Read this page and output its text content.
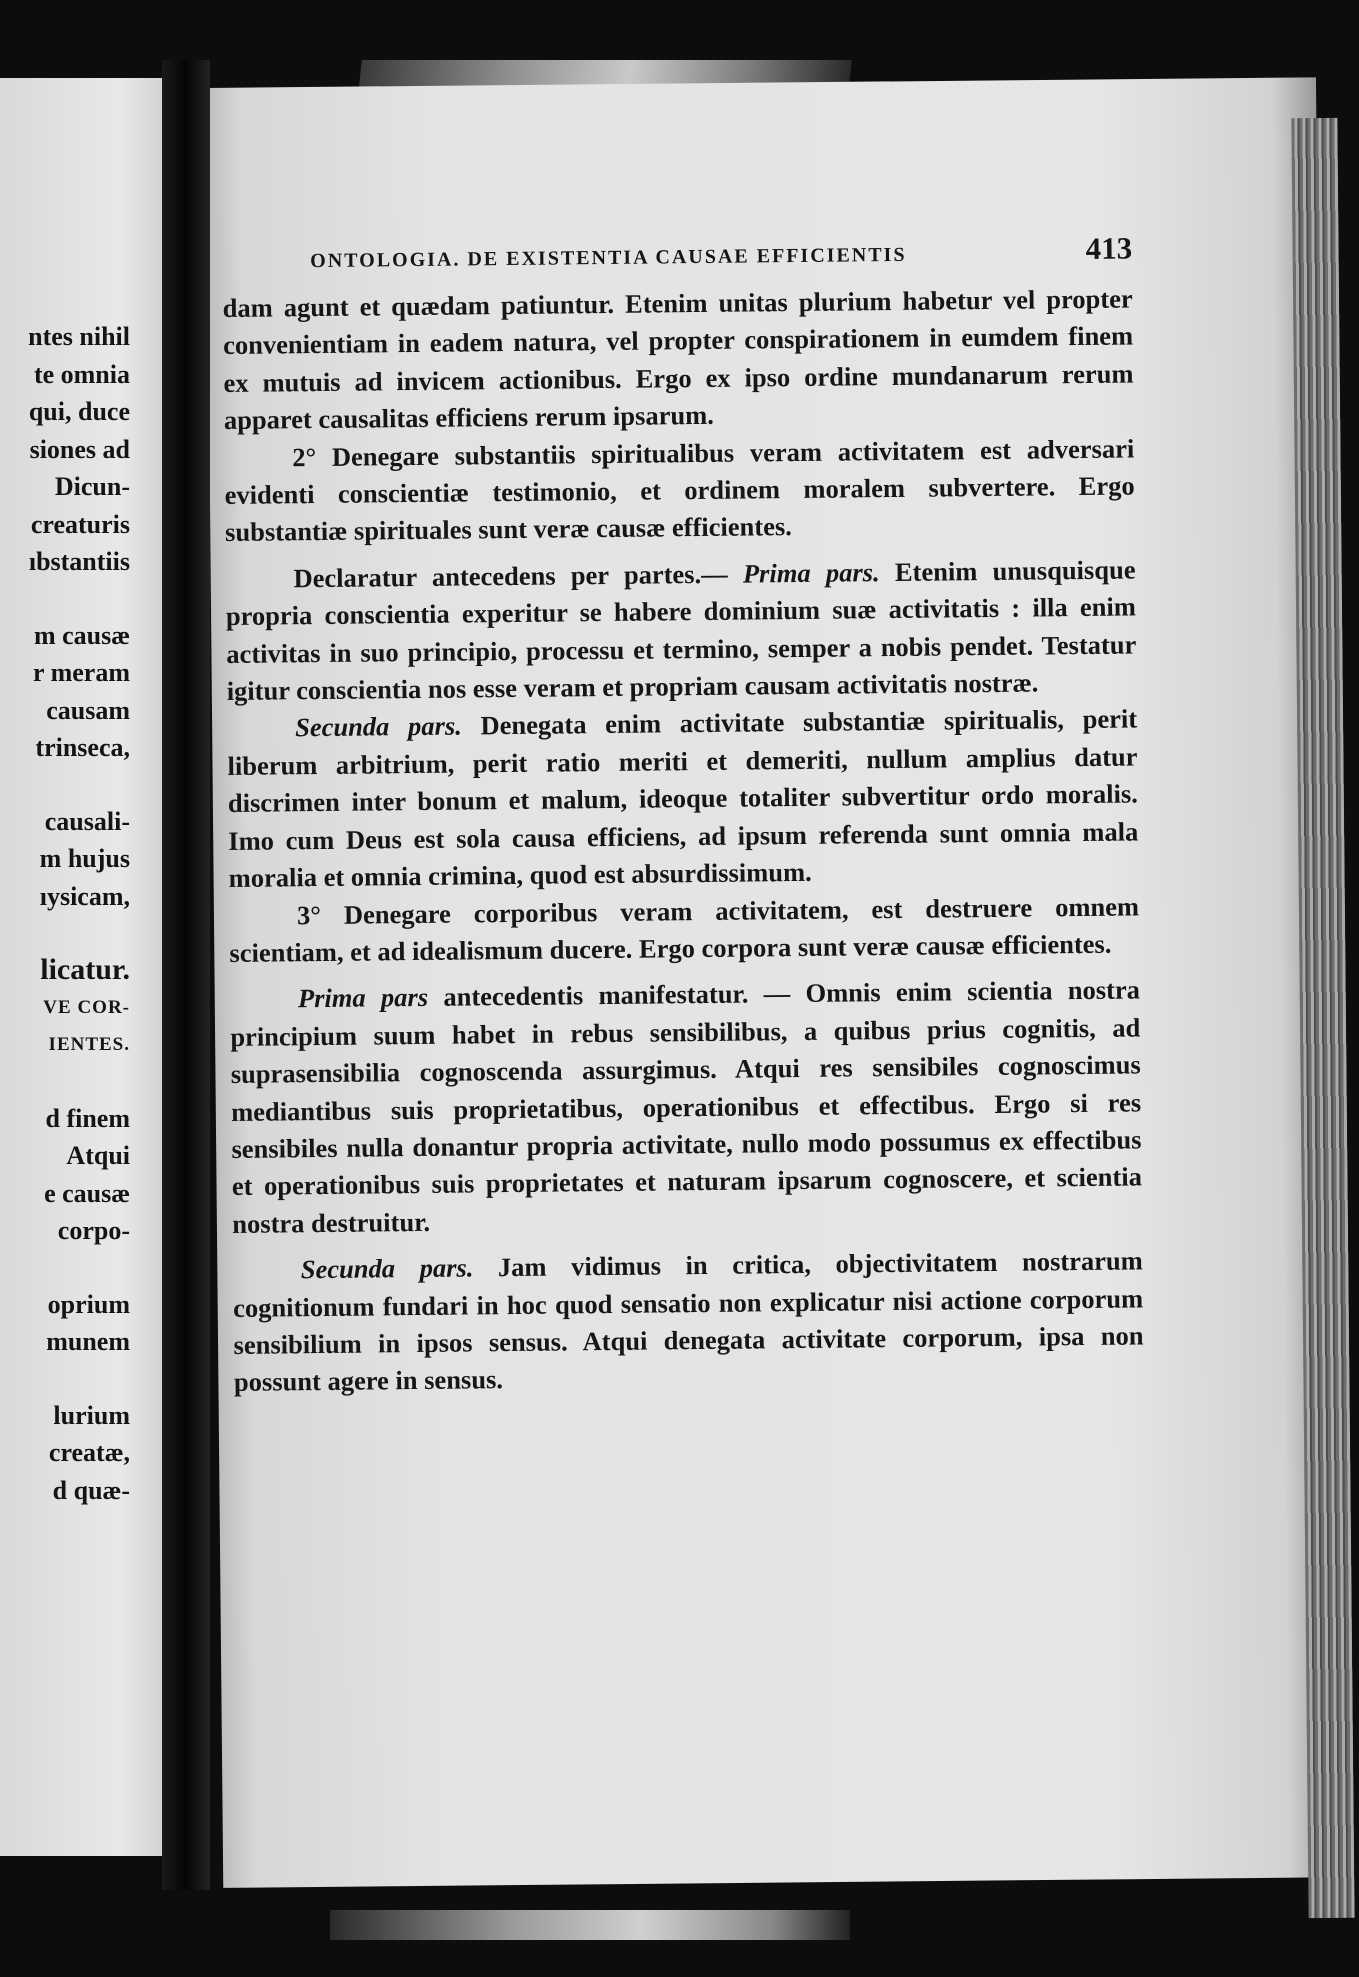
ntes nihil
te omnia
qui, duce
siones ad
Dicun-
creaturis
ıbstantiis
m causæ
r meram
causam
trinseca,
causali-
m hujus
ıysicam,
licatur.
VE COR-
IENTES.
d finem
Atqui
e causæ
corpo-
oprium
munem
lurium
creatæ,
d quæ-
ONTOLOGIA. DE EXISTENTIA CAUSAE EFFICIENTIS	413

dam agunt et quædam patiuntur. Etenim unitas plurium habetur vel propter convenientiam in eadem natura, vel propter conspirationem in eumdem finem ex mutuis ad invicem actionibus. Ergo ex ipso ordine mundanarum rerum apparet causalitas efficiens rerum ipsarum.

2° Denegare substantiis spiritualibus veram activitatem est adversari evidenti conscientiæ testimonio, et ordinem moralem subvertere. Ergo substantiæ spirituales sunt veræ causæ efficientes.

Declaratur antecedens per partes.— Prima pars. Etenim unusquisque propria conscientia experitur se habere dominium suæ activitatis : illa enim activitas in suo principio, processu et termino, semper a nobis pendet. Testatur igitur conscientia nos esse veram et propriam causam activitatis nostræ.

Secunda pars. Denegata enim activitate substantiæ spiritualis, perit liberum arbitrium, perit ratio meriti et demeriti, nullum amplius datur discrimen inter bonum et malum, ideoque totaliter subvertitur ordo moralis. Imo cum Deus est sola causa efficiens, ad ipsum referenda sunt omnia mala moralia et omnia crimina, quod est absurdissimum.

3° Denegare corporibus veram activitatem, est destruere omnem scientiam, et ad idealismum ducere. Ergo corpora sunt veræ causæ efficientes.

Prima pars antecedentis manifestatur. — Omnis enim scientia nostra principium suum habet in rebus sensibilibus, a quibus prius cognitis, ad suprasensibilia cognoscenda assurgimus. Atqui res sensibiles cognoscimus mediantibus suis proprietatibus, operationibus et effectibus. Ergo si res sensibiles nulla donantur propria activitate, nullo modo possumus ex effectibus et operationibus suis proprietates et naturam ipsarum cognoscere, et scientia nostra destruitur.

Secunda pars. Jam vidimus in critica, objectivitatem nostrarum cognitionum fundari in hoc quod sensatio non explicatur nisi actione corporum sensibilium in ipsos sensus. Atqui denegata activitate corporum, ipsa non possunt agere in sensus.
